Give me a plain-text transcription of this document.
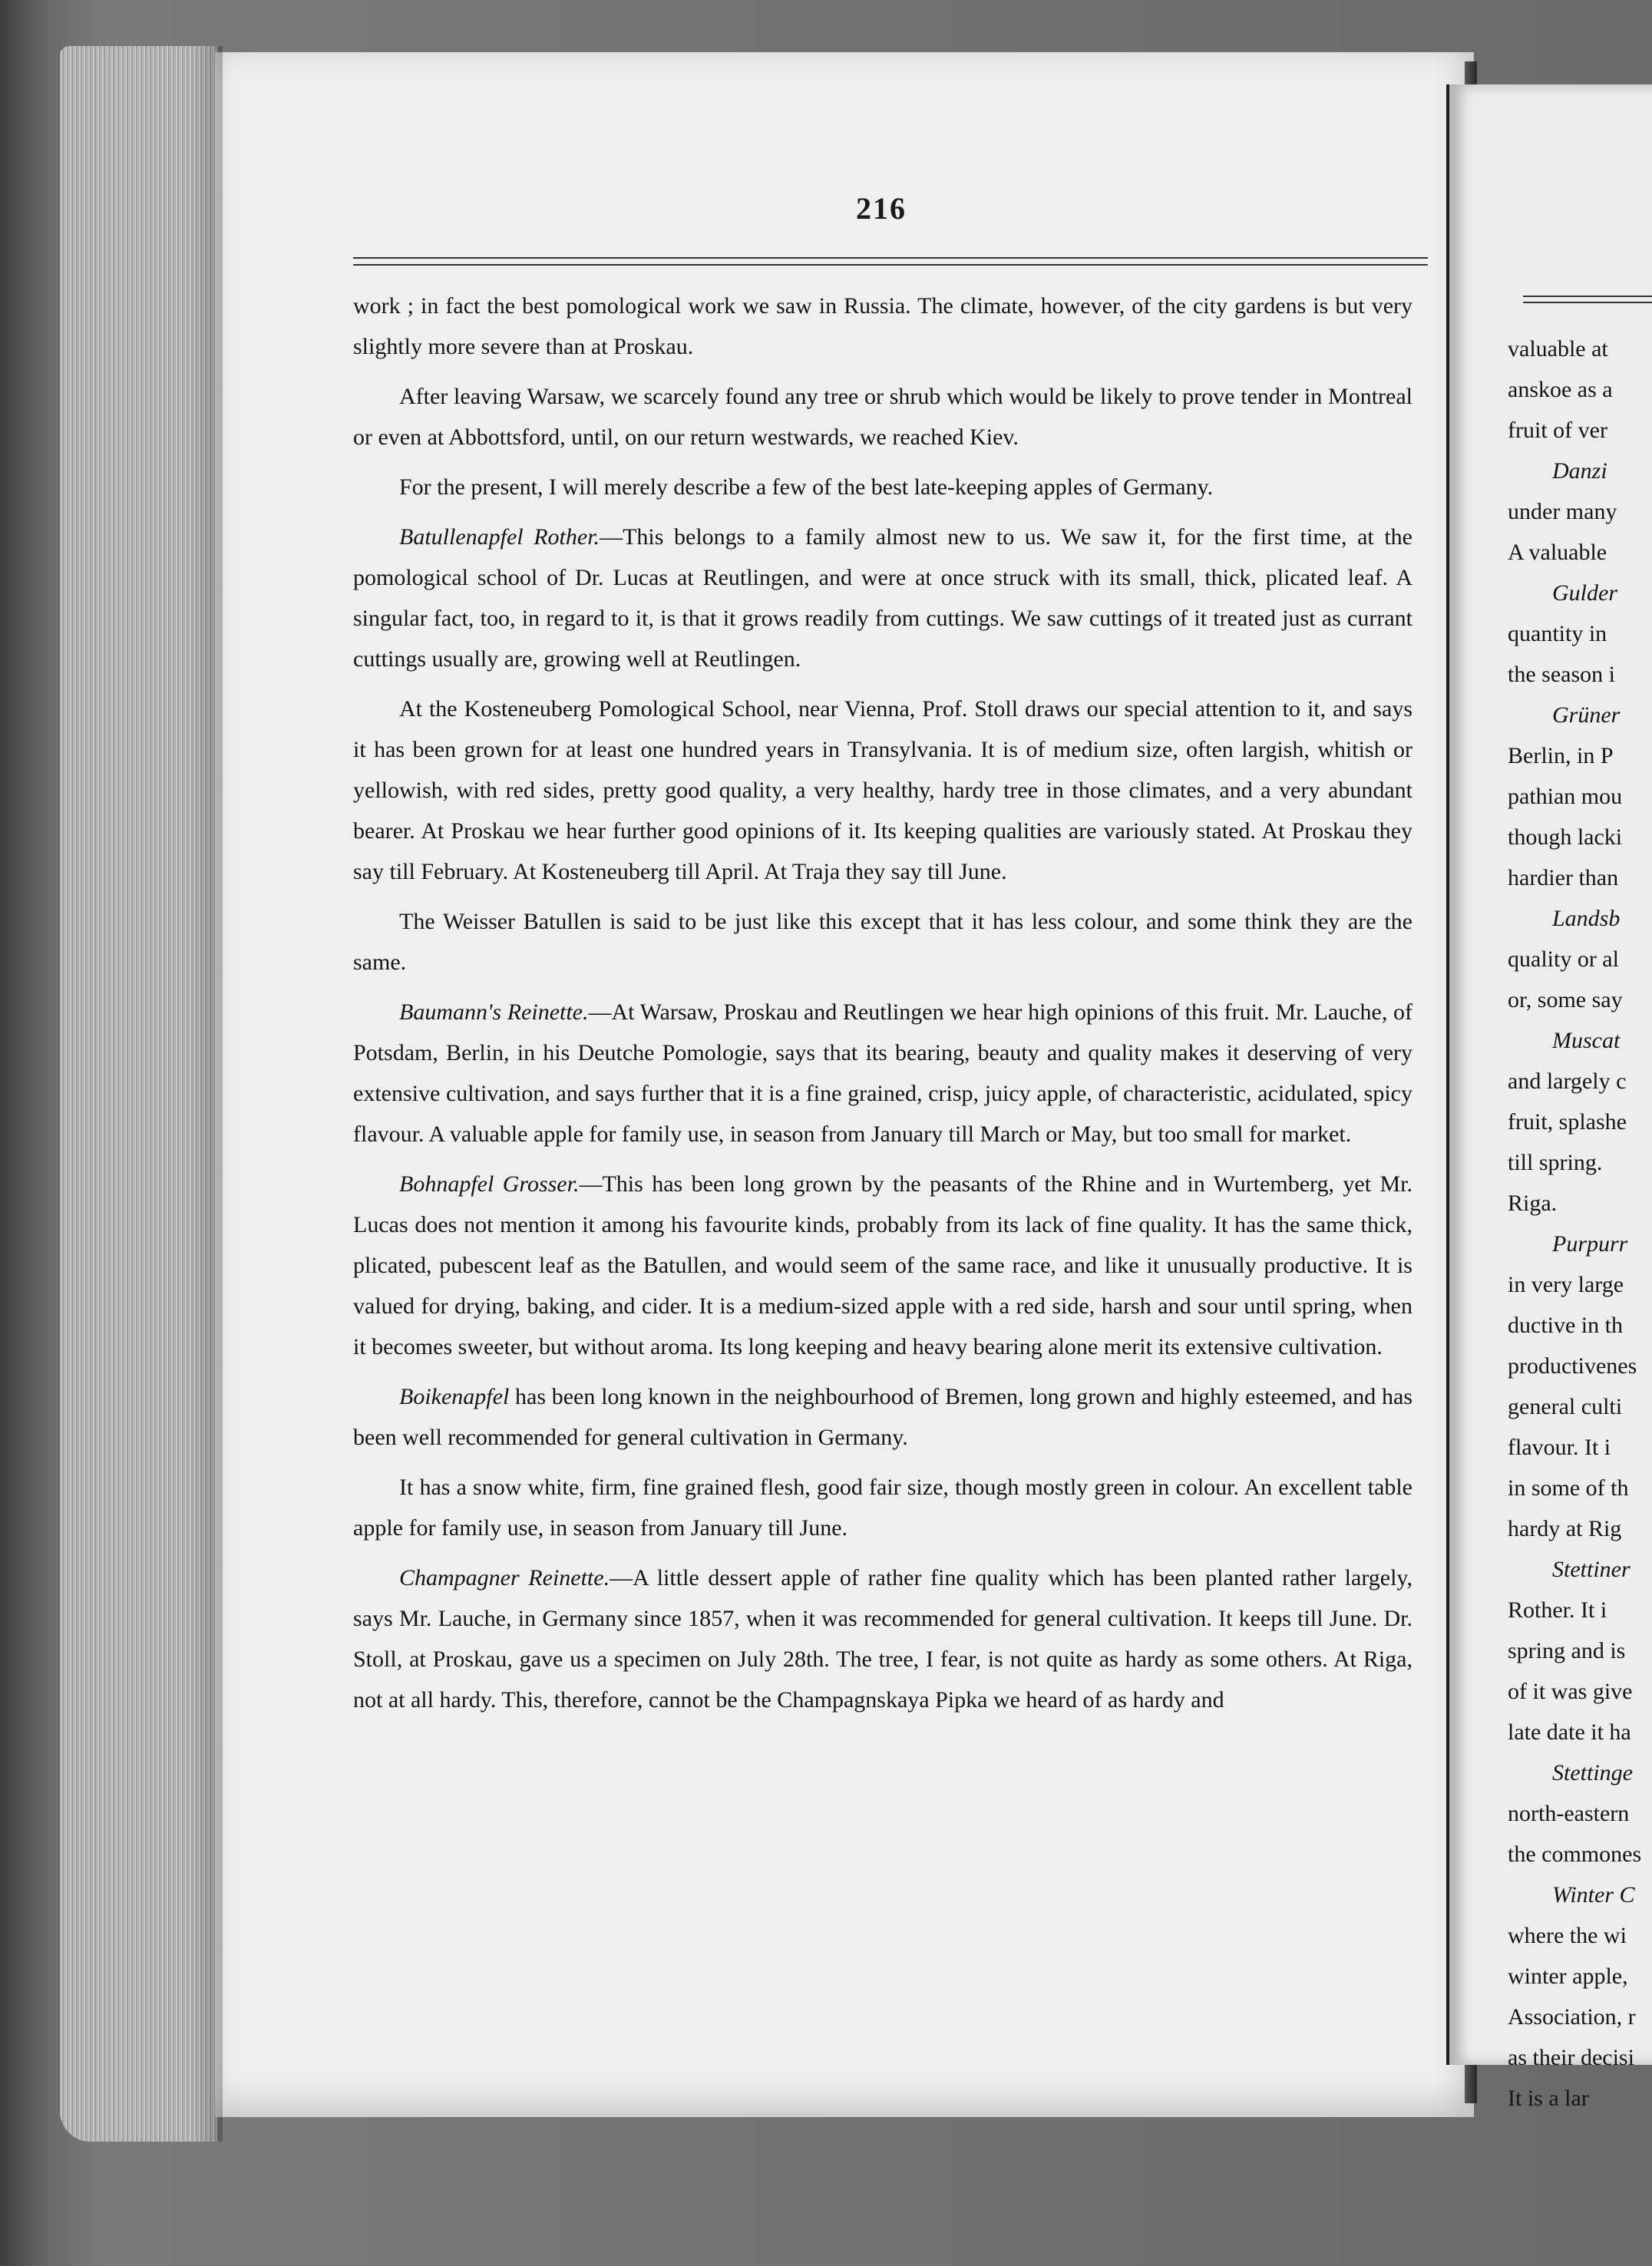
216

work ; in fact the best pomological work we saw in Russia. The climate, however, of the city gardens is but very slightly more severe than at Proskau.

After leaving Warsaw, we scarcely found any tree or shrub which would be likely to prove tender in Montreal or even at Abbottsford, until, on our return westwards, we reached Kiev.

For the present, I will merely describe a few of the best late-keeping apples of Germany.

Batullenapfel Rother.—This belongs to a family almost new to us. We saw it, for the first time, at the pomological school of Dr. Lucas at Reutlingen, and were at once struck with its small, thick, plicated leaf. A singular fact, too, in regard to it, is that it grows readily from cuttings. We saw cuttings of it treated just as currant cuttings usually are, growing well at Reutlingen.

At the Kosteneuberg Pomological School, near Vienna, Prof. Stoll draws our special attention to it, and says it has been grown for at least one hundred years in Transylvania. It is of medium size, often largish, whitish or yellowish, with red sides, pretty good quality, a very healthy, hardy tree in those climates, and a very abundant bearer. At Proskau we hear further good opinions of it. Its keeping qualities are variously stated. At Proskau they say till February. At Kosteneuberg till April. At Traja they say till June.

The Weisser Batullen is said to be just like this except that it has less colour, and some think they are the same.

Baumann's Reinette.—At Warsaw, Proskau and Reutlingen we hear high opinions of this fruit. Mr. Lauche, of Potsdam, Berlin, in his Deutche Pomologie, says that its bearing, beauty and quality makes it deserving of very extensive cultivation, and says further that it is a fine grained, crisp, juicy apple, of characteristic, acidulated, spicy flavour. A valuable apple for family use, in season from January till March or May, but too small for market.

Bohnapfel Grosser.—This has been long grown by the peasants of the Rhine and in Wurtemberg, yet Mr. Lucas does not mention it among his favourite kinds, probably from its lack of fine quality. It has the same thick, plicated, pubescent leaf as the Batullen, and would seem of the same race, and like it unusually productive. It is valued for drying, baking, and cider. It is a medium-sized apple with a red side, harsh and sour until spring, when it becomes sweeter, but without aroma. Its long keeping and heavy bearing alone merit its extensive cultivation.

Boikenapfel has been long known in the neighbourhood of Bremen, long grown and highly esteemed, and has been well recommended for general cultivation in Germany.

It has a snow white, firm, fine grained flesh, good fair size, though mostly green in colour. An excellent table apple for family use, in season from January till June.

Champagner Reinette.—A little dessert apple of rather fine quality which has been planted rather largely, says Mr. Lauche, in Germany since 1857, when it was recommended for general cultivation. It keeps till June. Dr. Stoll, at Proskau, gave us a specimen on July 28th. The tree, I fear, is not quite as hardy as some others. At Riga, not at all hardy. This, therefore, cannot be the Champagnskaya Pipka we heard of as hardy and

valuable at
anskoe as a
fruit of ver
Danzi
under many
A valuable
Gulder
quantity in
the season i
Grüner
Berlin, in P
pathian mou
though lacki
hardier than
Landsb
quality or al
or, some say
Muscat
and largely c
fruit, splashe
till spring.
Riga.
Purpurr
in very large
ductive in th
productivenes
general culti
flavour. It i
in some of th
hardy at Rig
Stettiner
Rother. It i
spring and is
of it was give
late date it ha
Stettinge
north-eastern
the commones
Winter C
where the wi
winter apple,
Association, r
as their decisi
It is a lar
